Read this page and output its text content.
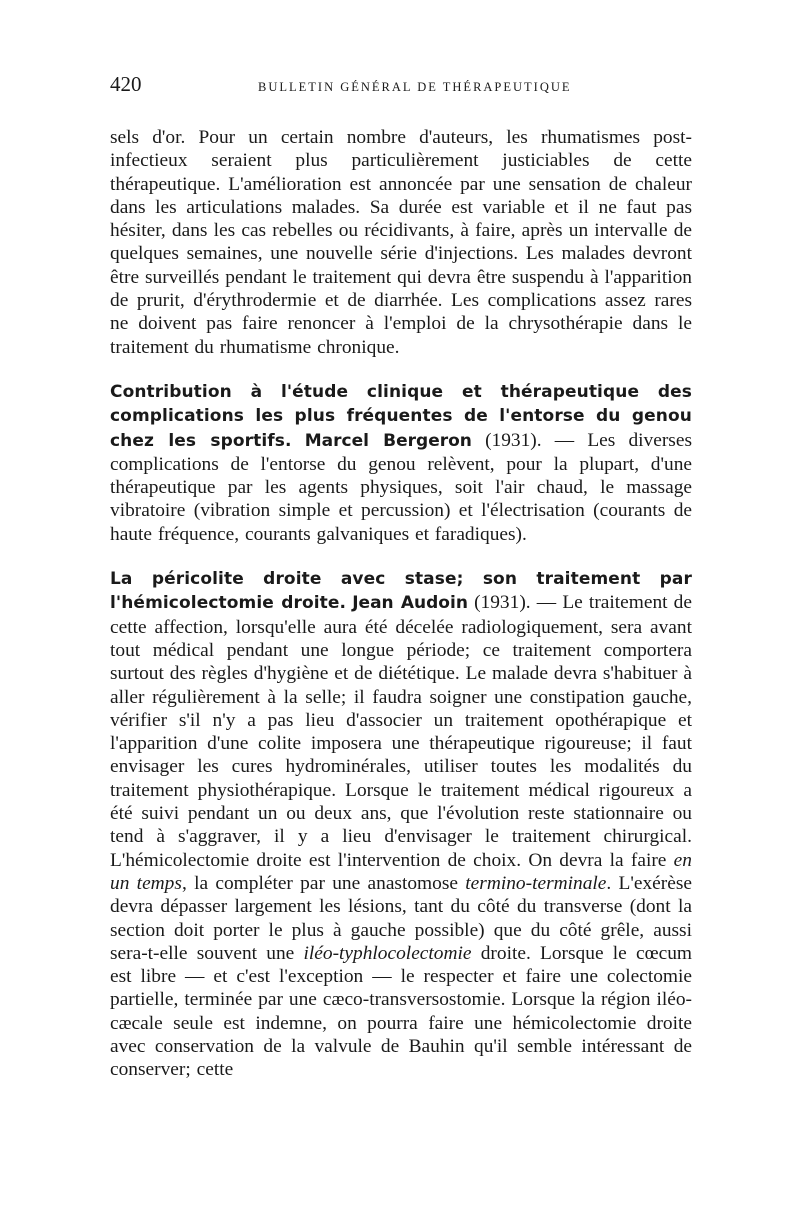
420	BULLETIN GÉNÉRAL DE THÉRAPEUTIQUE

sels d'or. Pour un certain nombre d'auteurs, les rhumatismes post-infectieux seraient plus particulièrement justiciables de cette thérapeutique. L'amélioration est annoncée par une sensation de chaleur dans les articulations malades. Sa durée est variable et il ne faut pas hésiter, dans les cas rebelles ou récidivants, à faire, après un intervalle de quelques semaines, une nouvelle série d'injections. Les malades devront être surveillés pendant le traitement qui devra être suspendu à l'apparition de prurit, d'érythrodermie et de diarrhée. Les complications assez rares ne doivent pas faire renoncer à l'emploi de la chrysothérapie dans le traitement du rhumatisme chronique.

Contribution à l'étude clinique et thérapeutique des complications les plus fréquentes de l'entorse du genou chez les sportifs. Marcel Bergeron (1931). — Les diverses complications de l'entorse du genou relèvent, pour la plupart, d'une thérapeutique par les agents physiques, soit l'air chaud, le massage vibratoire (vibration simple et percussion) et l'électrisation (courants de haute fréquence, courants galvaniques et faradiques).

La péricolite droite avec stase; son traitement par l'hémicolectomie droite. Jean Audoin (1931). — Le traitement de cette affection, lorsqu'elle aura été décelée radiologiquement, sera avant tout médical pendant une longue période; ce traitement comportera surtout des règles d'hygiène et de diététique. Le malade devra s'habituer à aller régulièrement à la selle; il faudra soigner une constipation gauche, vérifier s'il n'y a pas lieu d'associer un traitement opothérapique et l'apparition d'une colite imposera une thérapeutique rigoureuse; il faut envisager les cures hydrominérales, utiliser toutes les modalités du traitement physiothérapique. Lorsque le traitement médical rigoureux a été suivi pendant un ou deux ans, que l'évolution reste stationnaire ou tend à s'aggraver, il y a lieu d'envisager le traitement chirurgical. L'hémicolectomie droite est l'intervention de choix. On devra la faire en un temps, la compléter par une anastomose termino-terminale. L'exérèse devra dépasser largement les lésions, tant du côté du transverse (dont la section doit porter le plus à gauche possible) que du côté grêle, aussi sera-t-elle souvent une iléo-typhlocolectomie droite. Lorsque le cœcum est libre — et c'est l'exception — le respecter et faire une colectomie partielle, terminée par une cæco-transversostomie. Lorsque la région iléo-cæcale seule est indemne, on pourra faire une hémicolectomie droite avec conservation de la valvule de Bauhin qu'il semble intéressant de conserver; cette
